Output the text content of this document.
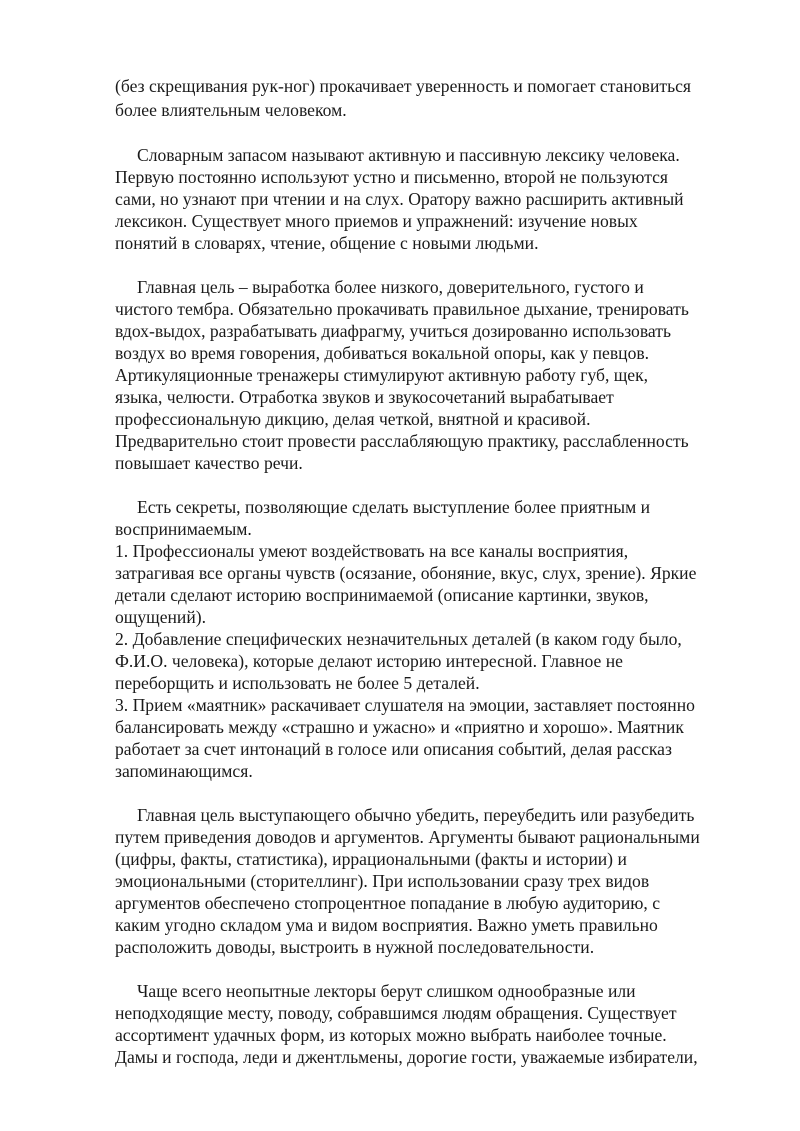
(без скрещивания рук-ног) прокачивает уверенность и помогает становиться
более влиятельным человеком.
Словарным запасом называют активную и пассивную лексику человека.
Первую постоянно используют устно и письменно, второй не пользуются
сами, но узнают при чтении и на слух. Оратору важно расширить активный
лексикон. Существует много приемов и упражнений: изучение новых
понятий в словарях, чтение, общение с новыми людьми.
Главная цель – выработка более низкого, доверительного, густого и
чистого тембра. Обязательно прокачивать правильное дыхание, тренировать
вдох-выдох, разрабатывать диафрагму, учиться дозированно использовать
воздух во время говорения, добиваться вокальной опоры, как у певцов.
Артикуляционные тренажеры стимулируют активную работу губ, щек,
языка, челюсти. Отработка звуков и звукосочетаний вырабатывает
профессиональную дикцию, делая четкой, внятной и красивой.
Предварительно стоит провести расслабляющую практику, расслабленность
повышает качество речи.
Есть секреты, позволяющие сделать выступление более приятным и
воспринимаемым.
1. Профессионалы умеют воздействовать на все каналы восприятия,
затрагивая все органы чувств (осязание, обоняние, вкус, слух, зрение). Яркие
детали сделают историю воспринимаемой (описание картинки, звуков,
ощущений).
2. Добавление специфических незначительных деталей (в каком году было,
Ф.И.О. человека), которые делают историю интересной. Главное не
переборщить и использовать не более 5 деталей.
3. Прием «маятник» раскачивает слушателя на эмоции, заставляет постоянно
балансировать между «страшно и ужасно» и «приятно и хорошо». Маятник
работает за счет интонаций в голосе или описания событий, делая рассказ
запоминающимся.
Главная цель выступающего обычно убедить, переубедить или разубедить
путем приведения доводов и аргументов. Аргументы бывают рациональными
(цифры, факты, статистика), иррациональными (факты и истории) и
эмоциональными (сторителлинг). При использовании сразу трех видов
аргументов обеспечено стопроцентное попадание в любую аудиторию, с
каким угодно складом ума и видом восприятия. Важно уметь правильно
расположить доводы, выстроить в нужной последовательности.
Чаще всего неопытные лекторы берут слишком однообразные или
неподходящие месту, поводу, собравшимся людям обращения. Существует
ассортимент удачных форм, из которых можно выбрать наиболее точные.
Дамы и господа, леди и джентльмены, дорогие гости, уважаемые избиратели,
